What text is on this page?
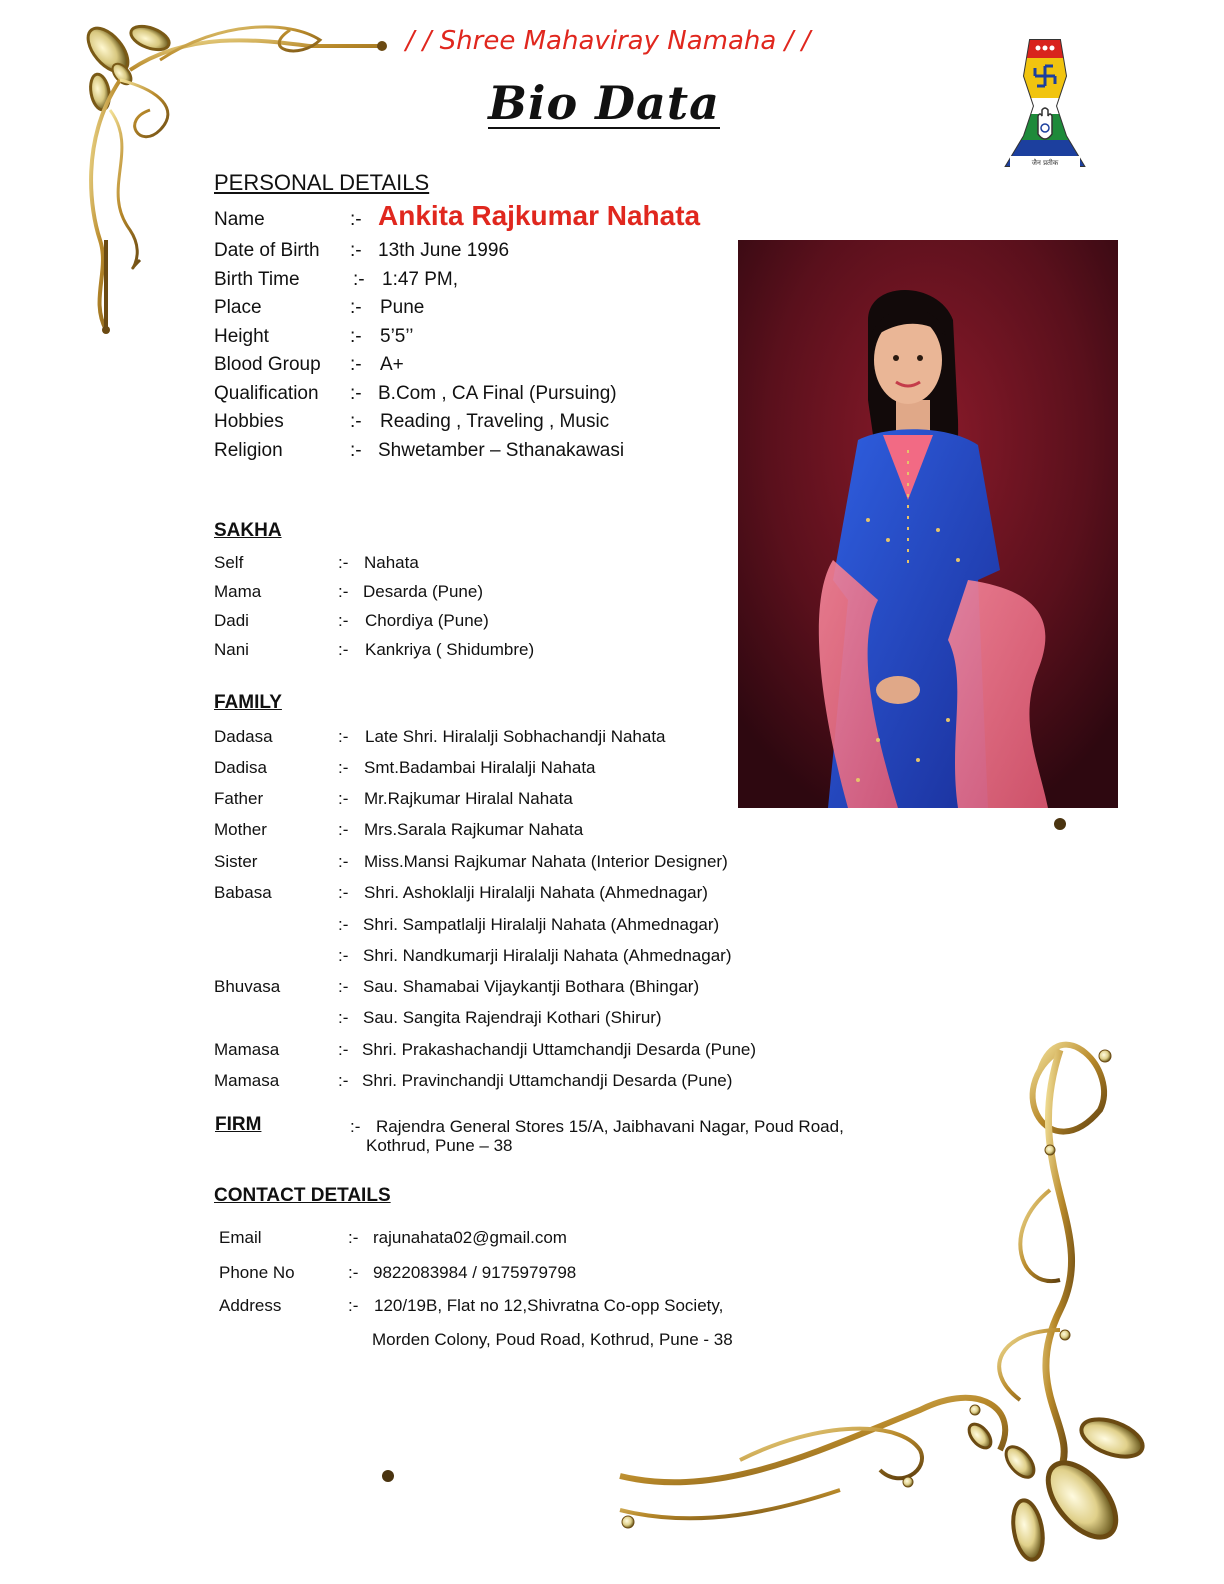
/ / Shree Mahaviray Namaha / /
Bio Data
जैन प्रतीक
PERSONAL DETAILS
Name	:- Ankita Rajkumar Nahata
Date of Birth :- 13th June 1996
Birth Time	:- 1:47 PM,
Place	:- Pune
Height	:- 5’5’’
Blood Group :- A+
Qualification :- B.Com , CA Final (Pursuing)
Hobbies	:- Reading , Traveling , Music
Religion	:- Shwetamber – Sthanakawasi
SAKHA
Self	:- Nahata
Mama	:- Desarda (Pune)
Dadi	:- Chordiya (Pune)
Nani	:- Kankriya ( Shidumbre)
FAMILY
Dadasa	:- Late Shri. Hiralalji Sobhachandji Nahata
Dadisa	:- Smt.Badambai Hiralalji Nahata
Father	:- Mr.Rajkumar Hiralal Nahata
Mother	:- Mrs.Sarala Rajkumar Nahata
Sister	:- Miss.Mansi Rajkumar Nahata (Interior Designer)
Babasa	:- Shri. Ashoklalji Hiralalji Nahata (Ahmednagar)
:- Shri. Sampatlalji Hiralalji Nahata (Ahmednagar)
:- Shri. Nandkumarji Hiralalji Nahata (Ahmednagar)
Bhuvasa	:- Sau. Shamabai Vijaykantji Bothara (Bhingar)
:- Sau. Sangita Rajendraji Kothari (Shirur)
Mamasa	:- Shri. Prakashachandji Uttamchandji Desarda (Pune)
Mamasa	:- Shri. Pravinchandji Uttamchandji Desarda (Pune)
FIRM	:- Rajendra General Stores 15/A, Jaibhavani Nagar, Poud Road,
Kothrud, Pune – 38
CONTACT DETAILS
Email	:- rajunahata02@gmail.com
Phone No	:- 9822083984 / 9175979798
Address	:- 120/19B, Flat no 12,Shivratna Co-opp Society,
Morden Colony, Poud Road, Kothrud, Pune - 38
